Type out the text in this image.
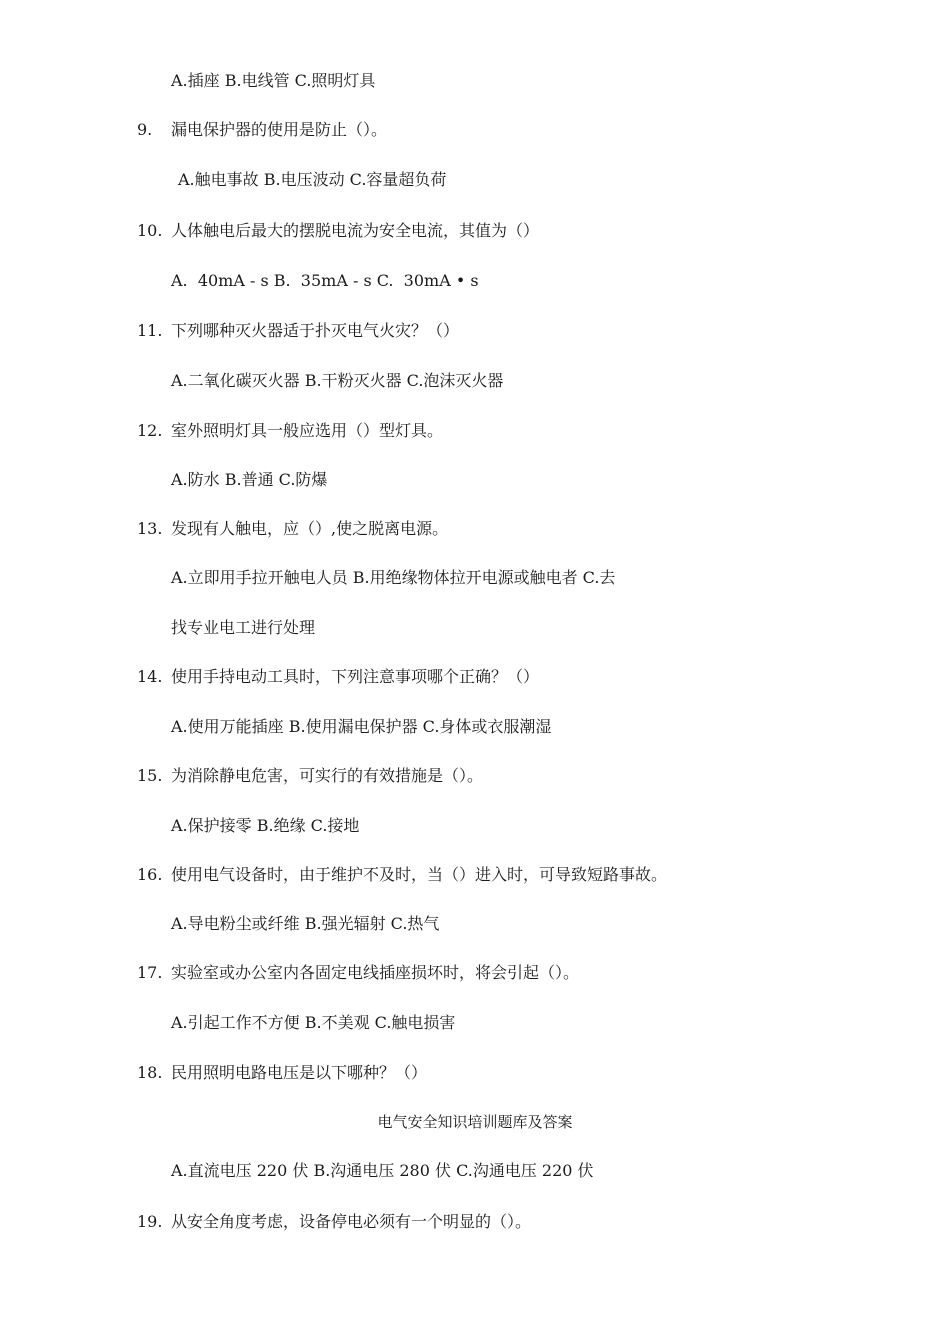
A.插座 B.电线管 C.照明灯具
9. 漏电保护器的使用是防止（）。
A.触电事故 B.电压波动 C.容量超负荷
10. 人体触电后最大的摆脱电流为安全电流，其值为（）
A.  40mA - s B.  35mA - s C.  30mA • s
11. 下列哪种灭火器适于扑灭电气火灾？（）
A.二氧化碳灭火器 B.干粉灭火器 C.泡沫灭火器
12. 室外照明灯具一般应选用（）型灯具。
A.防水 B.普通 C.防爆
13. 发现有人触电，应（）,使之脱离电源。
A.立即用手拉开触电人员 B.用绝缘物体拉开电源或触电者 C.去
找专业电工进行处理
14. 使用手持电动工具时，下列注意事项哪个正确？（）
A.使用万能插座 B.使用漏电保护器 C.身体或衣服潮湿
15. 为消除静电危害，可实行的有效措施是（）。
A.保护接零 B.绝缘 C.接地
16. 使用电气设备时，由于维护不及时，当（）进入时，可导致短路事故。
A.导电粉尘或纤维 B.强光辐射 C.热气
17. 实验室或办公室内各固定电线插座损坏时，将会引起（）。
A.引起工作不方便 B.不美观 C.触电损害
18. 民用照明电路电压是以下哪种？（）
电气安全知识培训题库及答案
A.直流电压 220 伏 B.沟通电压 280 伏 C.沟通电压 220 伏
19. 从安全角度考虑，设备停电必须有一个明显的（）。
